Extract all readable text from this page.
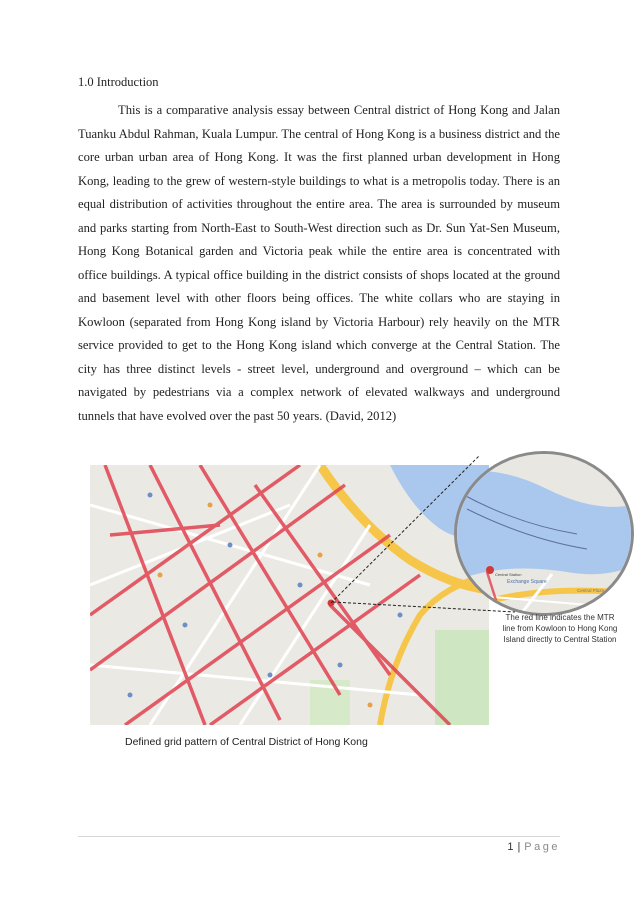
1.0 Introduction

This is a comparative analysis essay between Central district of Hong Kong and Jalan Tuanku Abdul Rahman, Kuala Lumpur. The central of Hong Kong is a business district and the core urban urban area of Hong Kong. It was the first planned urban development in Hong Kong, leading to the grew of western-style buildings to what is a metropolis today. There is an equal distribution of activities throughout the entire area. The area is surrounded by museum and parks starting from North-East to South-West direction such as Dr. Sun Yat-Sen Museum, Hong Kong Botanical garden and Victoria peak while the entire area is concentrated with office buildings. A typical office building in the district consists of shops located at the ground and basement level with other floors being offices. The white collars who are staying in Kowloon (separated from Hong Kong island by Victoria Harbour) rely heavily on the MTR service provided to get to the Hong Kong island which converge at the Central Station. The city has three distinct levels - street level, underground and overground – which can be navigated by pedestrians via a complex network of elevated walkways and underground tunnels that have evolved over the past 50 years. (David, 2012)

Exchange Square
Central Station
Central Plaza
The red line indicates the MTR line from Kowloon to Hong Kong Island directly to Central Station
Defined grid pattern of Central District of Hong Kong
1 | Page
